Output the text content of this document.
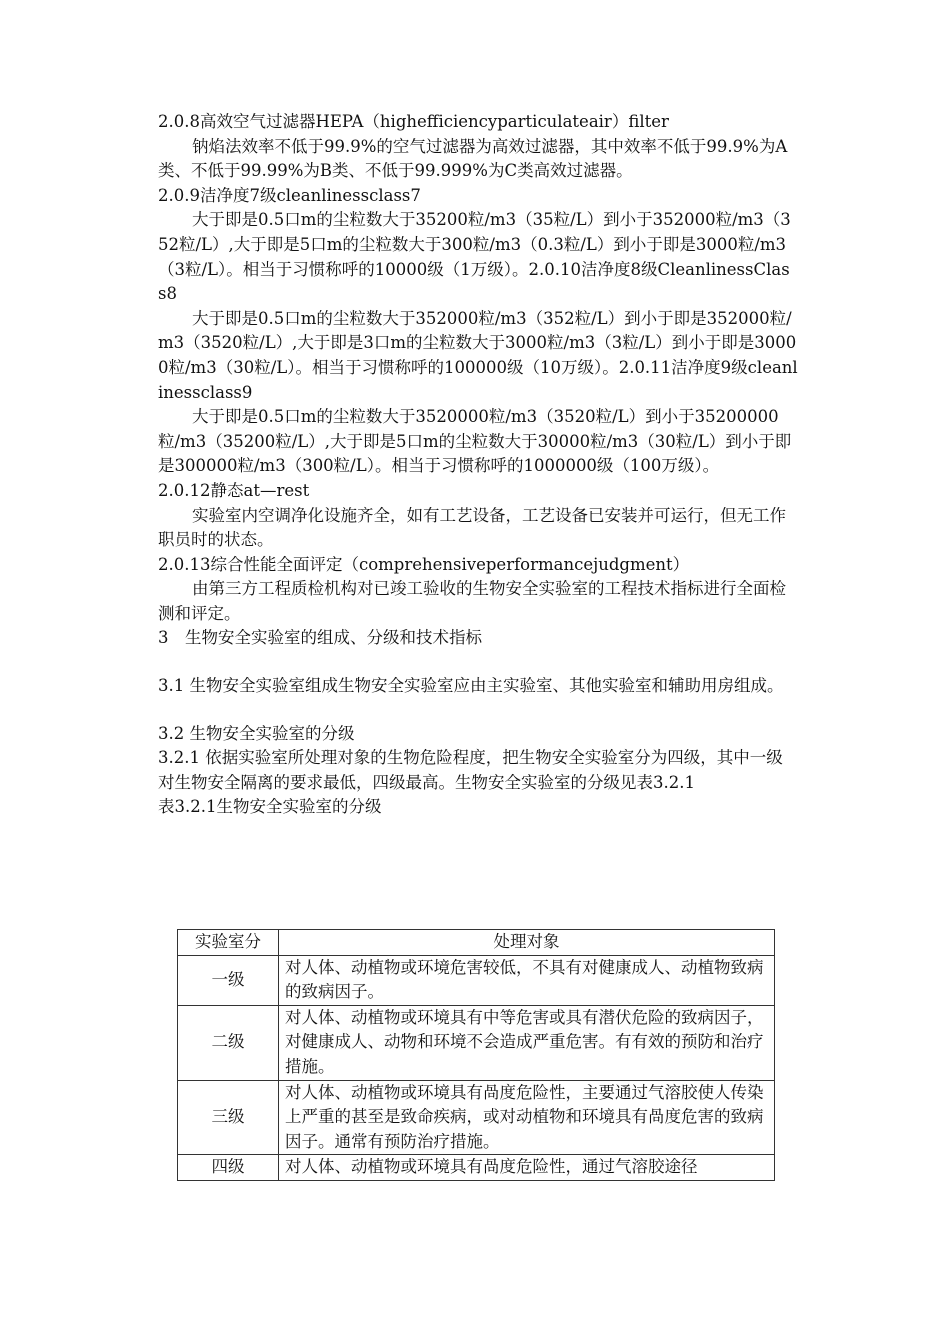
2.0.8高效空气过滤器HEPA（highefficiencyparticulateair）filter

钠焰法效率不低于99.9%的空气过滤器为高效过滤器，其中效率不低于99.9%为A类、不低于99.99%为B类、不低于99.999%为C类高效过滤器。

2.0.9洁净度7级cleanlinessclass7

大于即是0.5口m的尘粒数大于35200粒/m3（35粒/L）到小于352000粒/m3（352粒/L）,大于即是5口m的尘粒数大于300粒/m3（0.3粒/L）到小于即是3000粒/m3（3粒/L）。相当于习惯称呼的10000级（1万级）。2.0.10洁净度8级CleanlinessClass8

大于即是0.5口m的尘粒数大于352000粒/m3（352粒/L）到小于即是352000粒/m3（3520粒/L）,大于即是3口m的尘粒数大于3000粒/m3（3粒/L）到小于即是30000粒/m3（30粒/L）。相当于习惯称呼的100000级（10万级）。2.0.11洁净度9级cleanlinessclass9

大于即是0.5口m的尘粒数大于3520000粒/m3（3520粒/L）到小于35200000粒/m3（35200粒/L）,大于即是5口m的尘粒数大于30000粒/m3（30粒/L）到小于即是300000粒/m3（300粒/L）。相当于习惯称呼的1000000级（100万级）。

2.0.12静态at—rest

实验室内空调净化设施齐全，如有工艺设备，工艺设备已安装并可运行，但无工作职员时的状态。

2.0.13综合性能全面评定（comprehensiveperformancejudgment）

由第三方工程质检机构对已竣工验收的生物安全实验室的工程技术指标进行全面检测和评定。

3　生物安全实验室的组成、分级和技术指标

3.1 生物安全实验室组成生物安全实验室应由主实验室、其他实验室和辅助用房组成。

3.2 生物安全实验室的分级

3.2.1 依据实验室所处理对象的生物危险程度，把生物安全实验室分为四级，其中一级对生物安全隔离的要求最低，四级最高。生物安全实验室的分级见表3.2.1

表3.2.1生物安全实验室的分级

实验室分	处理对象
一级	对人体、动植物或环境危害较低，不具有对健康成人、动植物致病的致病因子。
二级	对人体、动植物或环境具有中等危害或具有潜伏危险的致病因子，对健康成人、动物和环境不会造成严重危害。有有效的预防和治疗措施。
三级	对人体、动植物或环境具有咼度危险性，主要通过气溶胶使人传染上严重的甚至是致命疾病，或对动植物和环境具有咼度危害的致病因子。通常有预防治疗措施。
四级	对人体、动植物或环境具有咼度危险性，通过气溶胶途径
